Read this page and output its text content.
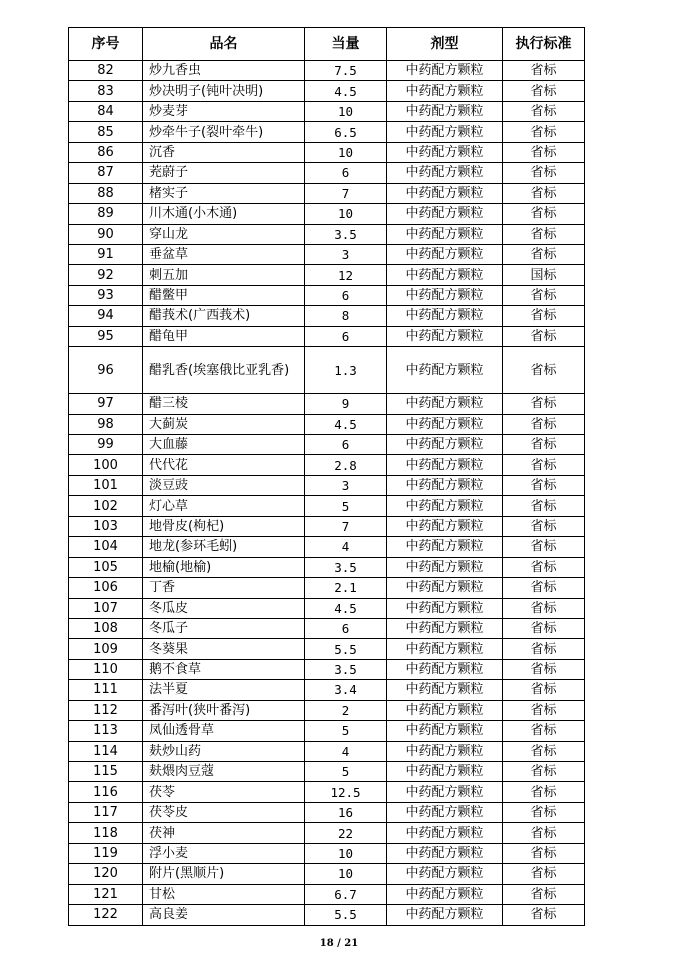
序号	品名	当量	剂型	执行标准
82	炒九香虫	7.5	中药配方颗粒	省标
83	炒决明子(钝叶决明)	4.5	中药配方颗粒	省标
84	炒麦芽	10	中药配方颗粒	省标
85	炒牵牛子(裂叶牵牛)	6.5	中药配方颗粒	省标
86	沉香	10	中药配方颗粒	省标
87	茺蔚子	6	中药配方颗粒	省标
88	楮实子	7	中药配方颗粒	省标
89	川木通(小木通)	10	中药配方颗粒	省标
90	穿山龙	3.5	中药配方颗粒	省标
91	垂盆草	3	中药配方颗粒	省标
92	刺五加	12	中药配方颗粒	国标
93	醋鳖甲	6	中药配方颗粒	省标
94	醋莪术(广西莪术)	8	中药配方颗粒	省标
95	醋龟甲	6	中药配方颗粒	省标
96	醋乳香(埃塞俄比亚乳香)	1.3	中药配方颗粒	省标
97	醋三棱	9	中药配方颗粒	省标
98	大蓟炭	4.5	中药配方颗粒	省标
99	大血藤	6	中药配方颗粒	省标
100	代代花	2.8	中药配方颗粒	省标
101	淡豆豉	3	中药配方颗粒	省标
102	灯心草	5	中药配方颗粒	省标
103	地骨皮(枸杞)	7	中药配方颗粒	省标
104	地龙(参环毛蚓)	4	中药配方颗粒	省标
105	地榆(地榆)	3.5	中药配方颗粒	省标
106	丁香	2.1	中药配方颗粒	省标
107	冬瓜皮	4.5	中药配方颗粒	省标
108	冬瓜子	6	中药配方颗粒	省标
109	冬葵果	5.5	中药配方颗粒	省标
110	鹅不食草	3.5	中药配方颗粒	省标
111	法半夏	3.4	中药配方颗粒	省标
112	番泻叶(狭叶番泻)	2	中药配方颗粒	省标
113	凤仙透骨草	5	中药配方颗粒	省标
114	麸炒山药	4	中药配方颗粒	省标
115	麸煨肉豆蔻	5	中药配方颗粒	省标
116	茯苓	12.5	中药配方颗粒	省标
117	茯苓皮	16	中药配方颗粒	省标
118	茯神	22	中药配方颗粒	省标
119	浮小麦	10	中药配方颗粒	省标
120	附片(黑顺片)	10	中药配方颗粒	省标
121	甘松	6.7	中药配方颗粒	省标
122	高良姜	5.5	中药配方颗粒	省标
18 / 21
